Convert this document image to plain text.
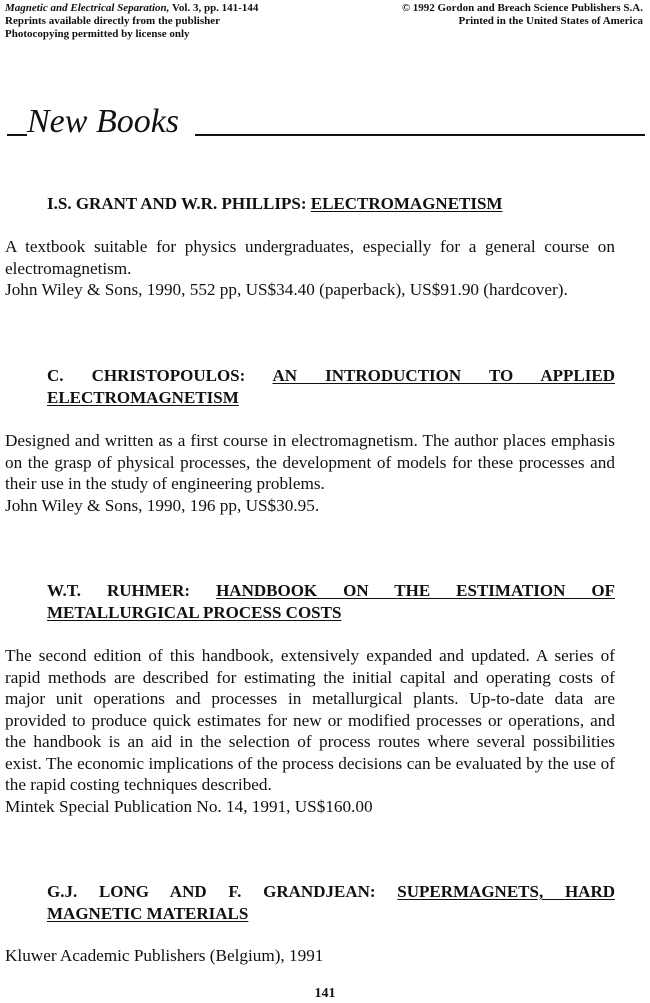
Magnetic and Electrical Separation, Vol. 3, pp. 141-144
Reprints available directly from the publisher
Photocopying permitted by license only
© 1992 Gordon and Breach Science Publishers S.A.
Printed in the United States of America
New Books
I.S. GRANT AND W.R. PHILLIPS: ELECTROMAGNETISM

A textbook suitable for physics undergraduates, especially for a general course on electromagnetism.
John Wiley & Sons, 1990, 552 pp, US$34.40 (paperback), US$91.90 (hardcover).

C. CHRISTOPOULOS: AN INTRODUCTION TO APPLIED
ELECTROMAGNETISM

Designed and written as a first course in electromagnetism. The author places emphasis on the grasp of physical processes, the development of models for these processes and their use in the study of engineering problems.
John Wiley & Sons, 1990, 196 pp, US$30.95.

W.T. RUHMER: HANDBOOK ON THE ESTIMATION OF
METALLURGICAL PROCESS COSTS

The second edition of this handbook, extensively expanded and updated. A series of rapid methods are described for estimating the initial capital and operating costs of major unit operations and processes in metallurgical plants. Up-to-date data are provided to produce quick estimates for new or modified processes or operations, and the handbook is an aid in the selection of process routes where several possibilities exist. The economic implications of the process decisions can be evaluated by the use of the rapid costing techniques described.
Mintek Special Publication No. 14, 1991, US$160.00

G.J. LONG AND F. GRANDJEAN: SUPERMAGNETS, HARD
MAGNETIC MATERIALS

Kluwer Academic Publishers (Belgium), 1991

141
